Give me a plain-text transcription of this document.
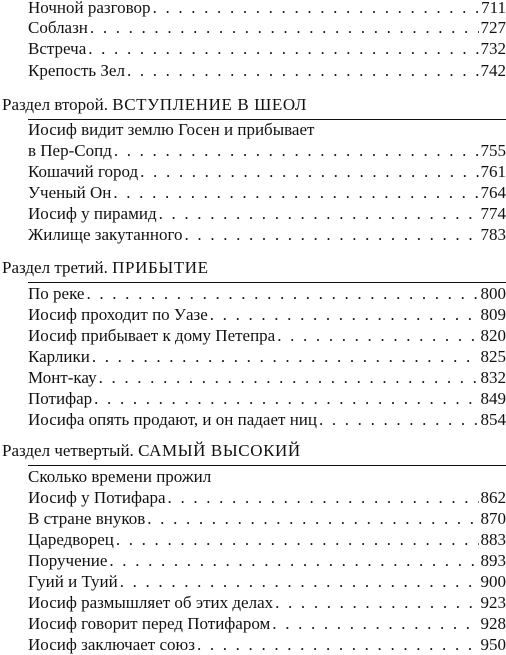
Ночной разговор . . .	711
Соблазн . . .	727
Встреча . . .	732
Крепость Зел . . .	742
Раздел второй. ВСТУПЛЕНИЕ В ШЕОЛ
Иосиф видит землю Госен и прибывает
в Пер-Сопд . . .	755
Кошачий город . . .	761
Ученый Он . . .	764
Иосиф у пирамид . . .	774
Жилище закутанного . . .	783
Раздел третий. ПРИБЫТИЕ
По реке . . .	800
Иосиф проходит по Уазе . . .	809
Иосиф прибывает к дому Петепра . . .	820
Карлики . . .	825
Монт-кау . . .	832
Потифар . . .	849
Иосифа опять продают, и он падает ниц . . .	854
Раздел четвертый. САМЫЙ ВЫСОКИЙ
Сколько времени прожил
Иосиф у Потифара . . .	862
В стране внуков . . .	870
Царедворец . . .	883
Поручение . . .	893
Гуий и Туий . . .	900
Иосиф размышляет об этих делах . . .	923
Иосиф говорит перед Потифаром . . .	928
Иосиф заключает союз . . .	950
